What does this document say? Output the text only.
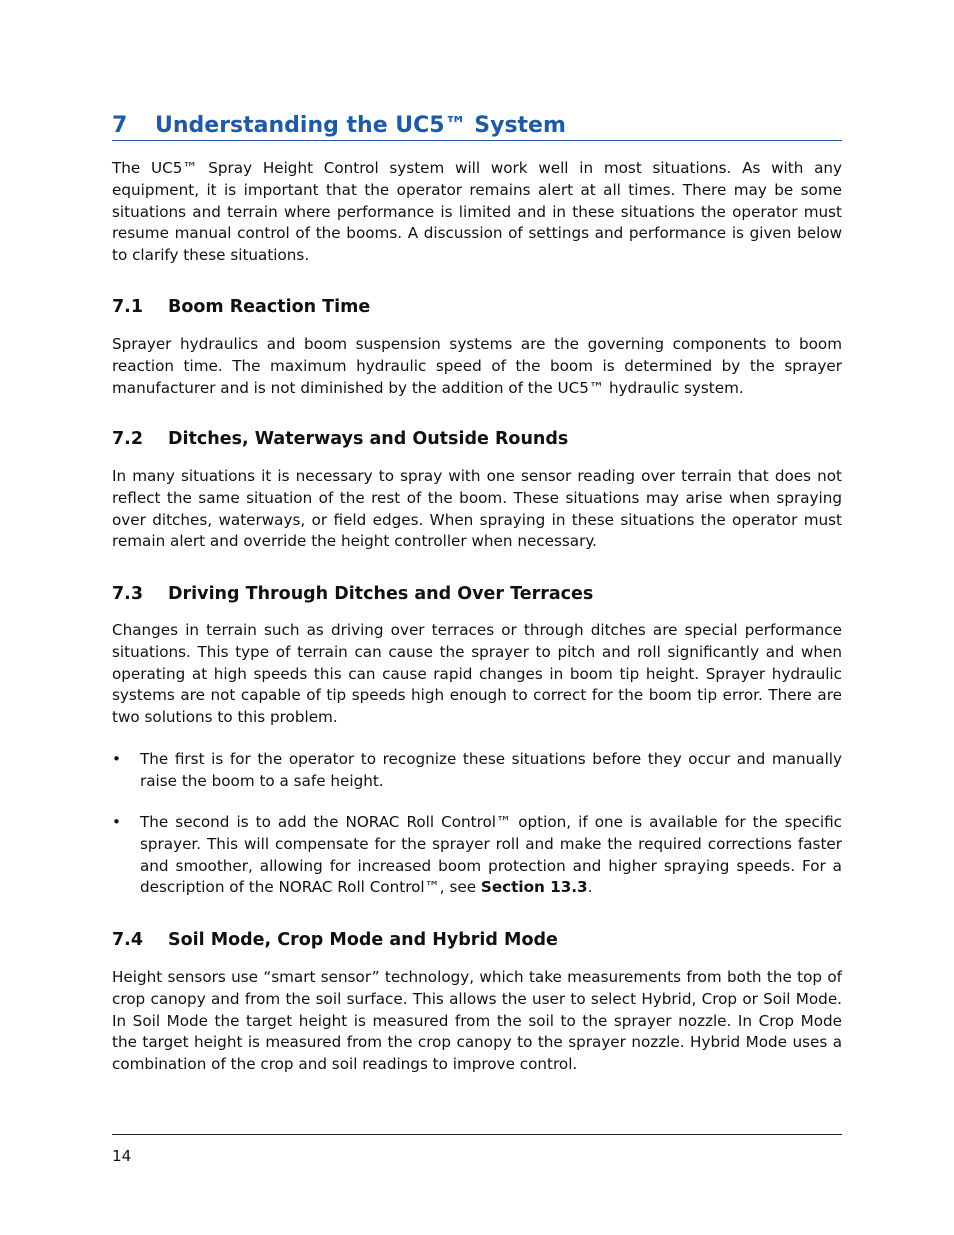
7 Understanding the UC5™ System
The UC5™ Spray Height Control system will work well in most situations. As with any equipment, it is important that the operator remains alert at all times. There may be some situations and terrain where performance is limited and in these situations the operator must resume manual control of the booms. A discussion of settings and performance is given below to clarify these situations.
7.1 Boom Reaction Time
Sprayer hydraulics and boom suspension systems are the governing components to boom reaction time. The maximum hydraulic speed of the boom is determined by the sprayer manufacturer and is not diminished by the addition of the UC5™ hydraulic system.
7.2 Ditches, Waterways and Outside Rounds
In many situations it is necessary to spray with one sensor reading over terrain that does not reflect the same situation of the rest of the boom. These situations may arise when spraying over ditches, waterways, or field edges. When spraying in these situations the operator must remain alert and override the height controller when necessary.
7.3 Driving Through Ditches and Over Terraces
Changes in terrain such as driving over terraces or through ditches are special performance situations. This type of terrain can cause the sprayer to pitch and roll significantly and when operating at high speeds this can cause rapid changes in boom tip height. Sprayer hydraulic systems are not capable of tip speeds high enough to correct for the boom tip error. There are two solutions to this problem.
•	The first is for the operator to recognize these situations before they occur and manually raise the boom to a safe height.
•	The second is to add the NORAC Roll Control™ option, if one is available for the specific sprayer. This will compensate for the sprayer roll and make the required corrections faster and smoother, allowing for increased boom protection and higher spraying speeds. For a description of the NORAC Roll Control™, see Section 13.3.
7.4 Soil Mode, Crop Mode and Hybrid Mode
Height sensors use “smart sensor” technology, which take measurements from both the top of crop canopy and from the soil surface. This allows the user to select Hybrid, Crop or Soil Mode. In Soil Mode the target height is measured from the soil to the sprayer nozzle. In Crop Mode the target height is measured from the crop canopy to the sprayer nozzle. Hybrid Mode uses a combination of the crop and soil readings to improve control.
14
